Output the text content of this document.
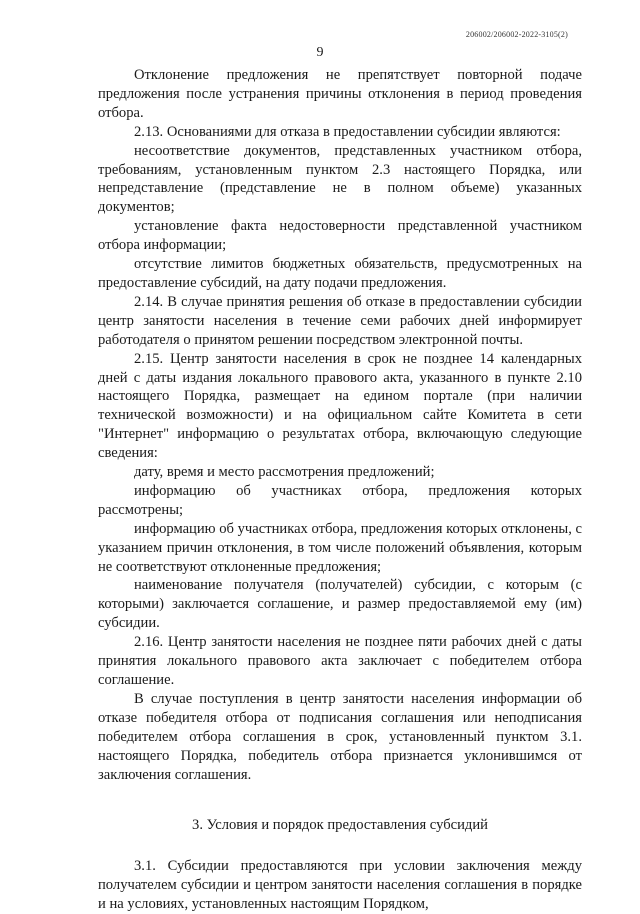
206002/206002-2022-3105(2)
9

Отклонение предложения не препятствует повторной подаче предложения после устранения причины отклонения в период проведения отбора.

2.13. Основаниями для отказа в предоставлении субсидии являются:

несоответствие документов, представленных участником отбора, требованиям, установленным пунктом 2.3 настоящего Порядка, или непредставление (представление не в полном объеме) указанных документов;

установление факта недостоверности представленной участником отбора информации;

отсутствие лимитов бюджетных обязательств, предусмотренных на предоставление субсидий, на дату подачи предложения.

2.14. В случае принятия решения об отказе в предоставлении субсидии центр занятости населения в течение семи рабочих дней информирует работодателя о принятом решении посредством электронной почты.

2.15. Центр занятости населения в срок не позднее 14 календарных дней с даты издания локального правового акта, указанного в пункте 2.10 настоящего Порядка, размещает на едином портале (при наличии технической возможности) и на официальном сайте Комитета в сети "Интернет" информацию о результатах отбора, включающую следующие сведения:

дату, время и место рассмотрения предложений;

информацию об участниках отбора, предложения которых рассмотрены;

информацию об участниках отбора, предложения которых отклонены, с указанием причин отклонения, в том числе положений объявления, которым не соответствуют отклоненные предложения;

наименование получателя (получателей) субсидии, с которым (с которыми) заключается соглашение, и размер предоставляемой ему (им) субсидии.

2.16. Центр занятости населения не позднее пяти рабочих дней с даты принятия локального правового акта заключает с победителем отбора соглашение.

В случае поступления в центр занятости населения информации об отказе победителя отбора от подписания соглашения или неподписания победителем отбора соглашения в срок, установленный пунктом 3.1. настоящего Порядка, победитель отбора признается уклонившимся от заключения соглашения.

3. Условия и порядок предоставления субсидий

3.1. Субсидии предоставляются при условии заключения между получателем субсидии и центром занятости населения соглашения в порядке и на условиях, установленных настоящим Порядком,
